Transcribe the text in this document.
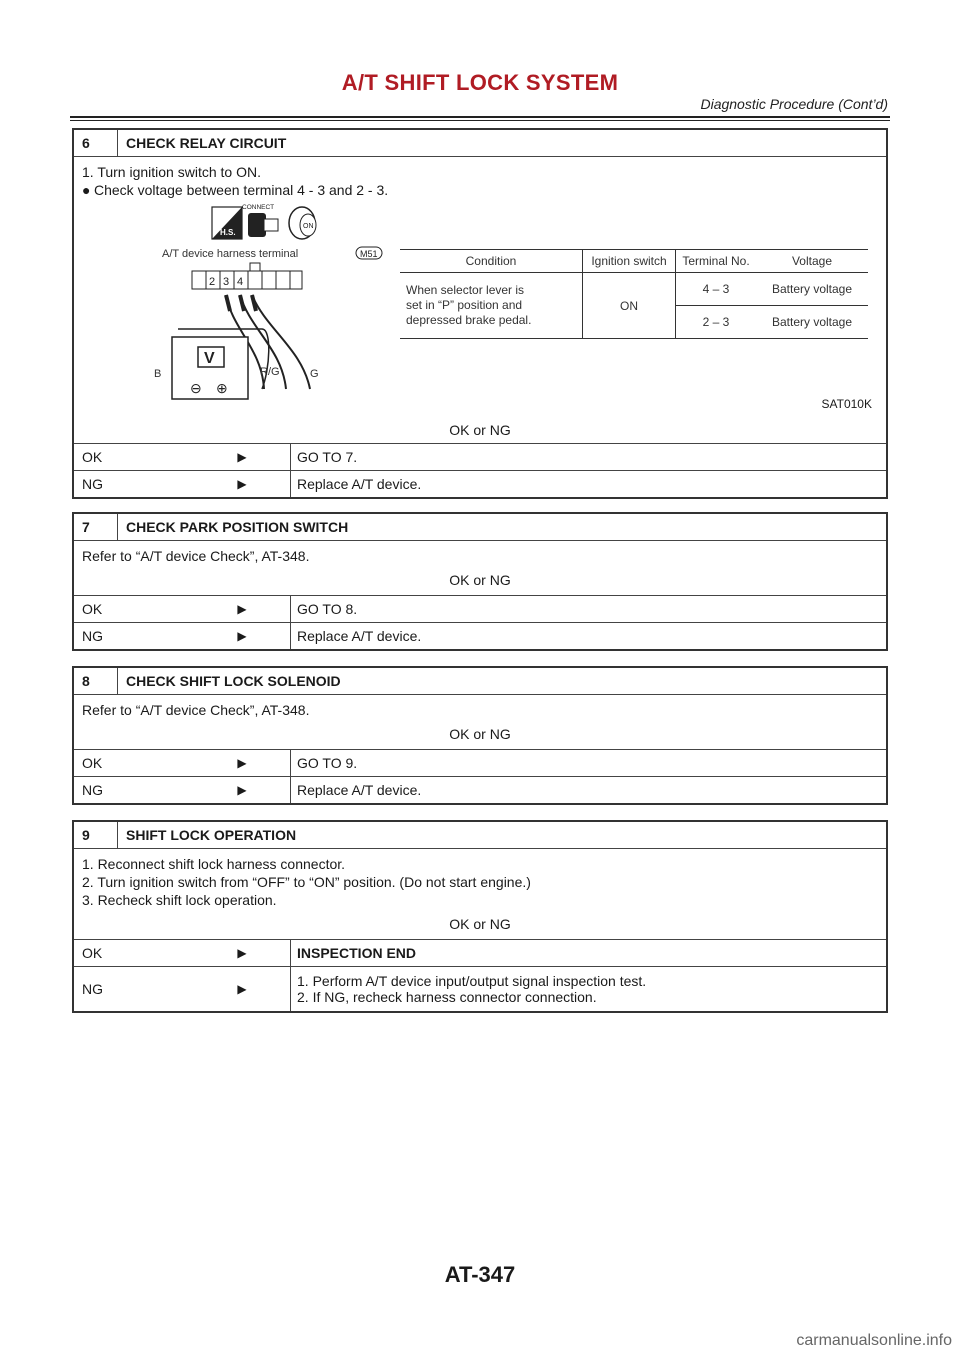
A/T SHIFT LOCK SYSTEM
Diagnostic Procedure (Cont’d)
6	CHECK RELAY CIRCUIT
1. Turn ignition switch to ON.
● Check voltage between terminal 4 - 3 and 2 - 3.
H.S.
CONNECT
ON
A/T device harness terminal	M51
2 3 4
V
⊖ ⊕
B	R/G	G
Condition	Ignition switch	Terminal No.	Voltage

When selector lever is
set in “P” position and
depressed brake pedal.	ON	4 – 3	Battery voltage
		2 – 3	Battery voltage
SAT010K
OK or NG
OK	▶	GO TO 7.
NG	▶	Replace A/T device.
7	CHECK PARK POSITION SWITCH
Refer to “A/T device Check”, AT-348.
OK or NG
OK	▶	GO TO 8.
NG	▶	Replace A/T device.
8	CHECK SHIFT LOCK SOLENOID
Refer to “A/T device Check”, AT-348.
OK or NG
OK	▶	GO TO 9.
NG	▶	Replace A/T device.
9	SHIFT LOCK OPERATION
1. Reconnect shift lock harness connector.
2. Turn ignition switch from “OFF” to “ON” position. (Do not start engine.)
3. Recheck shift lock operation.
OK or NG
OK	▶	INSPECTION END
NG	▶	1. Perform A/T device input/output signal inspection test.
2. If NG, recheck harness connector connection.
AT-347
carmanualsonline.info
